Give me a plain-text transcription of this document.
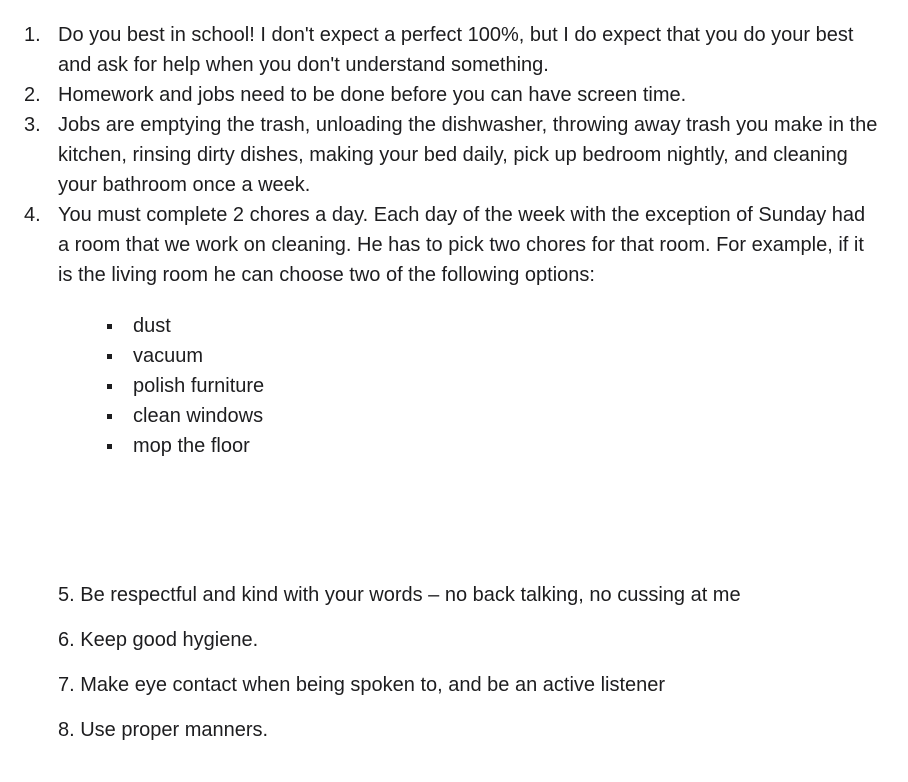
1. Do you best in school! I don't expect a perfect 100%, but I do expect that you do your best and ask for help when you don't understand something.
2. Homework and jobs need to be done before you can have screen time.
3. Jobs are emptying the trash, unloading the dishwasher, throwing away trash you make in the kitchen, rinsing dirty dishes, making your bed daily, pick up bedroom nightly, and cleaning your bathroom once a week.
4. You must complete 2 chores a day. Each day of the week with the exception of Sunday had a room that we work on cleaning. He has to pick two chores for that room. For example, if it is the living room he can choose two of the following options:
dust
vacuum
polish furniture
clean windows
mop the floor

5. Be respectful and kind with your words – no back talking, no cussing at me

6. Keep good hygiene.

7. Make eye contact when being spoken to, and be an active listener

8. Use proper manners.
